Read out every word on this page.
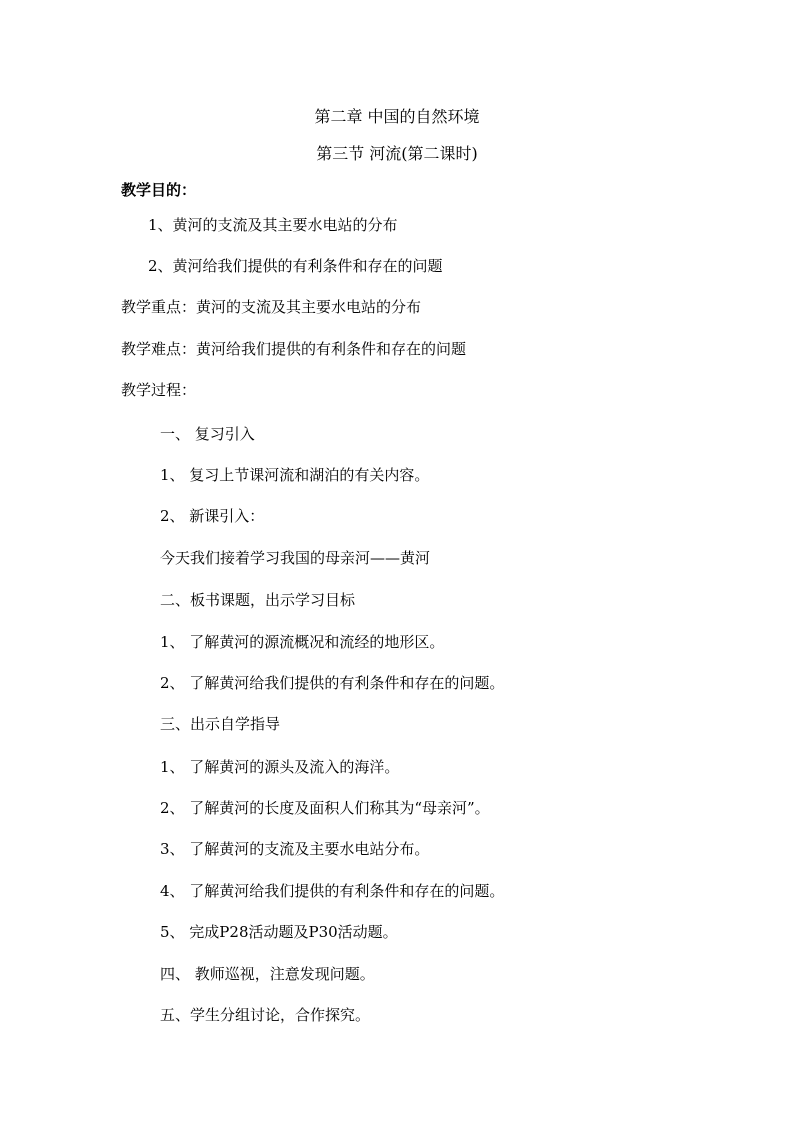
第二章 中国的自然环境
第三节 河流(第二课时)
教学目的：
1、黄河的支流及其主要水电站的分布
2、黄河给我们提供的有利条件和存在的问题
教学重点：黄河的支流及其主要水电站的分布
教学难点：黄河给我们提供的有利条件和存在的问题
教学过程：
一、 复习引入
1、 复习上节课河流和湖泊的有关内容。
2、 新课引入：
今天我们接着学习我国的母亲河——黄河
二、板书课题，出示学习目标
1、 了解黄河的源流概况和流经的地形区。
2、 了解黄河给我们提供的有利条件和存在的问题。
三、出示自学指导
1、 了解黄河的源头及流入的海洋。
2、 了解黄河的长度及面积人们称其为“母亲河”。
3、 了解黄河的支流及主要水电站分布。
4、 了解黄河给我们提供的有利条件和存在的问题。
5、 完成P28活动题及P30活动题。
四、 教师巡视，注意发现问题。
五、学生分组讨论，合作探究。
